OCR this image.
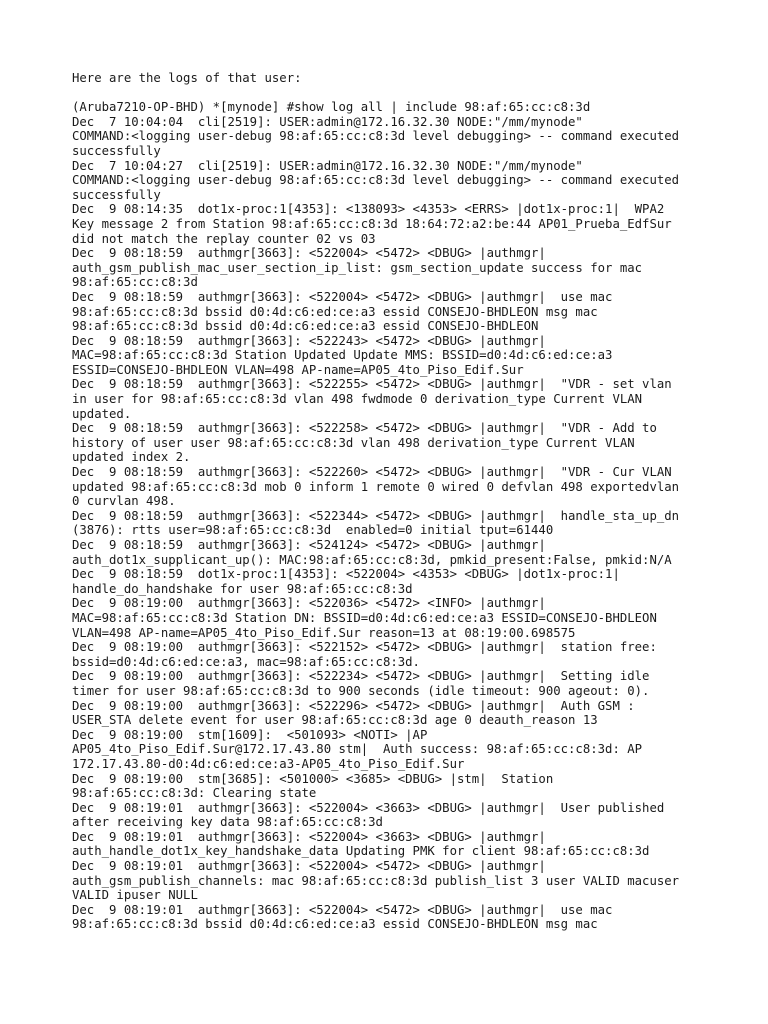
Here are the logs of that user:

(Aruba7210-OP-BHD) *[mynode] #show log all | include 98:af:65:cc:c8:3d
Dec  7 10:04:04  cli[2519]: USER:admin@172.16.32.30 NODE:"/mm/mynode"
COMMAND:<logging user-debug 98:af:65:cc:c8:3d level debugging> -- command executed
successfully
Dec  7 10:04:27  cli[2519]: USER:admin@172.16.32.30 NODE:"/mm/mynode"
COMMAND:<logging user-debug 98:af:65:cc:c8:3d level debugging> -- command executed
successfully
Dec  9 08:14:35  dot1x-proc:1[4353]: <138093> <4353> <ERRS> |dot1x-proc:1|  WPA2
Key message 2 from Station 98:af:65:cc:c8:3d 18:64:72:a2:be:44 AP01_Prueba_EdfSur
did not match the replay counter 02 vs 03
Dec  9 08:18:59  authmgr[3663]: <522004> <5472> <DBUG> |authmgr|
auth_gsm_publish_mac_user_section_ip_list: gsm_section_update success for mac
98:af:65:cc:c8:3d
Dec  9 08:18:59  authmgr[3663]: <522004> <5472> <DBUG> |authmgr|  use mac
98:af:65:cc:c8:3d bssid d0:4d:c6:ed:ce:a3 essid CONSEJO-BHDLEON msg mac
98:af:65:cc:c8:3d bssid d0:4d:c6:ed:ce:a3 essid CONSEJO-BHDLEON
Dec  9 08:18:59  authmgr[3663]: <522243> <5472> <DBUG> |authmgr|
MAC=98:af:65:cc:c8:3d Station Updated Update MMS: BSSID=d0:4d:c6:ed:ce:a3
ESSID=CONSEJO-BHDLEON VLAN=498 AP-name=AP05_4to_Piso_Edif.Sur
Dec  9 08:18:59  authmgr[3663]: <522255> <5472> <DBUG> |authmgr|  "VDR - set vlan
in user for 98:af:65:cc:c8:3d vlan 498 fwdmode 0 derivation_type Current VLAN
updated.
Dec  9 08:18:59  authmgr[3663]: <522258> <5472> <DBUG> |authmgr|  "VDR - Add to
history of user user 98:af:65:cc:c8:3d vlan 498 derivation_type Current VLAN
updated index 2.
Dec  9 08:18:59  authmgr[3663]: <522260> <5472> <DBUG> |authmgr|  "VDR - Cur VLAN
updated 98:af:65:cc:c8:3d mob 0 inform 1 remote 0 wired 0 defvlan 498 exportedvlan
0 curvlan 498.
Dec  9 08:18:59  authmgr[3663]: <522344> <5472> <DBUG> |authmgr|  handle_sta_up_dn
(3876): rtts user=98:af:65:cc:c8:3d  enabled=0 initial tput=61440
Dec  9 08:18:59  authmgr[3663]: <524124> <5472> <DBUG> |authmgr|
auth_dot1x_supplicant_up(): MAC:98:af:65:cc:c8:3d, pmkid_present:False, pmkid:N/A
Dec  9 08:18:59  dot1x-proc:1[4353]: <522004> <4353> <DBUG> |dot1x-proc:1|
handle_do_handshake for user 98:af:65:cc:c8:3d
Dec  9 08:19:00  authmgr[3663]: <522036> <5472> <INFO> |authmgr|
MAC=98:af:65:cc:c8:3d Station DN: BSSID=d0:4d:c6:ed:ce:a3 ESSID=CONSEJO-BHDLEON
VLAN=498 AP-name=AP05_4to_Piso_Edif.Sur reason=13 at 08:19:00.698575
Dec  9 08:19:00  authmgr[3663]: <522152> <5472> <DBUG> |authmgr|  station free:
bssid=d0:4d:c6:ed:ce:a3, mac=98:af:65:cc:c8:3d.
Dec  9 08:19:00  authmgr[3663]: <522234> <5472> <DBUG> |authmgr|  Setting idle
timer for user 98:af:65:cc:c8:3d to 900 seconds (idle timeout: 900 ageout: 0).
Dec  9 08:19:00  authmgr[3663]: <522296> <5472> <DBUG> |authmgr|  Auth GSM :
USER_STA delete event for user 98:af:65:cc:c8:3d age 0 deauth_reason 13
Dec  9 08:19:00  stm[1609]:  <501093> <NOTI> |AP
AP05_4to_Piso_Edif.Sur@172.17.43.80 stm|  Auth success: 98:af:65:cc:c8:3d: AP
172.17.43.80-d0:4d:c6:ed:ce:a3-AP05_4to_Piso_Edif.Sur
Dec  9 08:19:00  stm[3685]: <501000> <3685> <DBUG> |stm|  Station
98:af:65:cc:c8:3d: Clearing state
Dec  9 08:19:01  authmgr[3663]: <522004> <3663> <DBUG> |authmgr|  User published
after receiving key data 98:af:65:cc:c8:3d
Dec  9 08:19:01  authmgr[3663]: <522004> <3663> <DBUG> |authmgr|
auth_handle_dot1x_key_handshake_data Updating PMK for client 98:af:65:cc:c8:3d
Dec  9 08:19:01  authmgr[3663]: <522004> <5472> <DBUG> |authmgr|
auth_gsm_publish_channels: mac 98:af:65:cc:c8:3d publish_list 3 user VALID macuser
VALID ipuser NULL
Dec  9 08:19:01  authmgr[3663]: <522004> <5472> <DBUG> |authmgr|  use mac
98:af:65:cc:c8:3d bssid d0:4d:c6:ed:ce:a3 essid CONSEJO-BHDLEON msg mac
